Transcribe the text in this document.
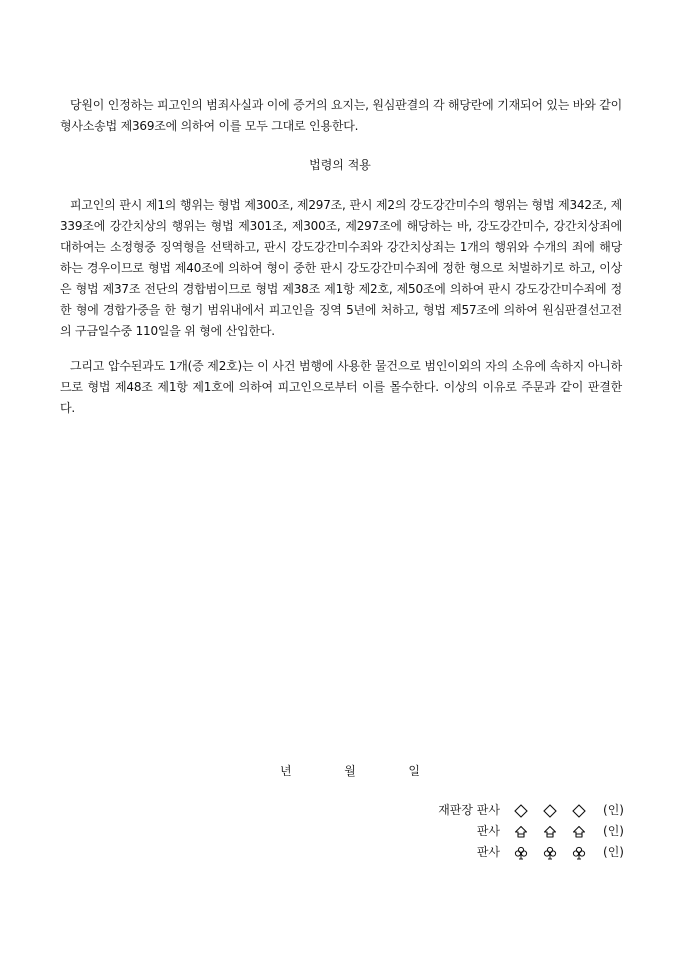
당원이 인정하는 피고인의 범죄사실과 이에 증거의 요지는, 원심판결의 각 해당란에 기재되어 있는 바와 같이 형사소송법 제369조에 의하여 이를 모두 그대로 인용한다.

법령의 적용

피고인의 판시 제1의 행위는 형법 제300조, 제297조, 판시 제2의 강도강간미수의 행위는 형법 제342조, 제339조에 강간치상의 행위는 형법 제301조, 제300조, 제297조에 해당하는 바, 강도강간미수, 강간치상죄에 대하여는 소정형중 징역형을 선택하고, 판시 강도강간미수죄와 강간치상죄는 1개의 행위와 수개의 죄에 해당하는 경우이므로 형법 제40조에 의하여 형이 중한 판시 강도강간미수죄에 정한 형으로 처벌하기로 하고, 이상은 형법 제37조 전단의 경합범이므로 형법 제38조 제1항 제2호, 제50조에 의하여 판시 강도강간미수죄에 정한 형에 경합가중을 한 형기 범위내에서 피고인을 징역 5년에 처하고, 형법 제57조에 의하여 원심판결선고전의 구금일수중 110일을 위 형에 산입한다.

그리고 압수된과도 1개(증 제2호)는 이 사건 범행에 사용한 물건으로 범인이외의 자의 소유에 속하지 아니하므로 형법 제48조 제1항 제1호에 의하여 피고인으로부터 이를 몰수한다. 이상의 이유로 주문과 같이 판결한다.

년	월	일
재판장 판사	(인)
판사	(인)
판사	(인)
